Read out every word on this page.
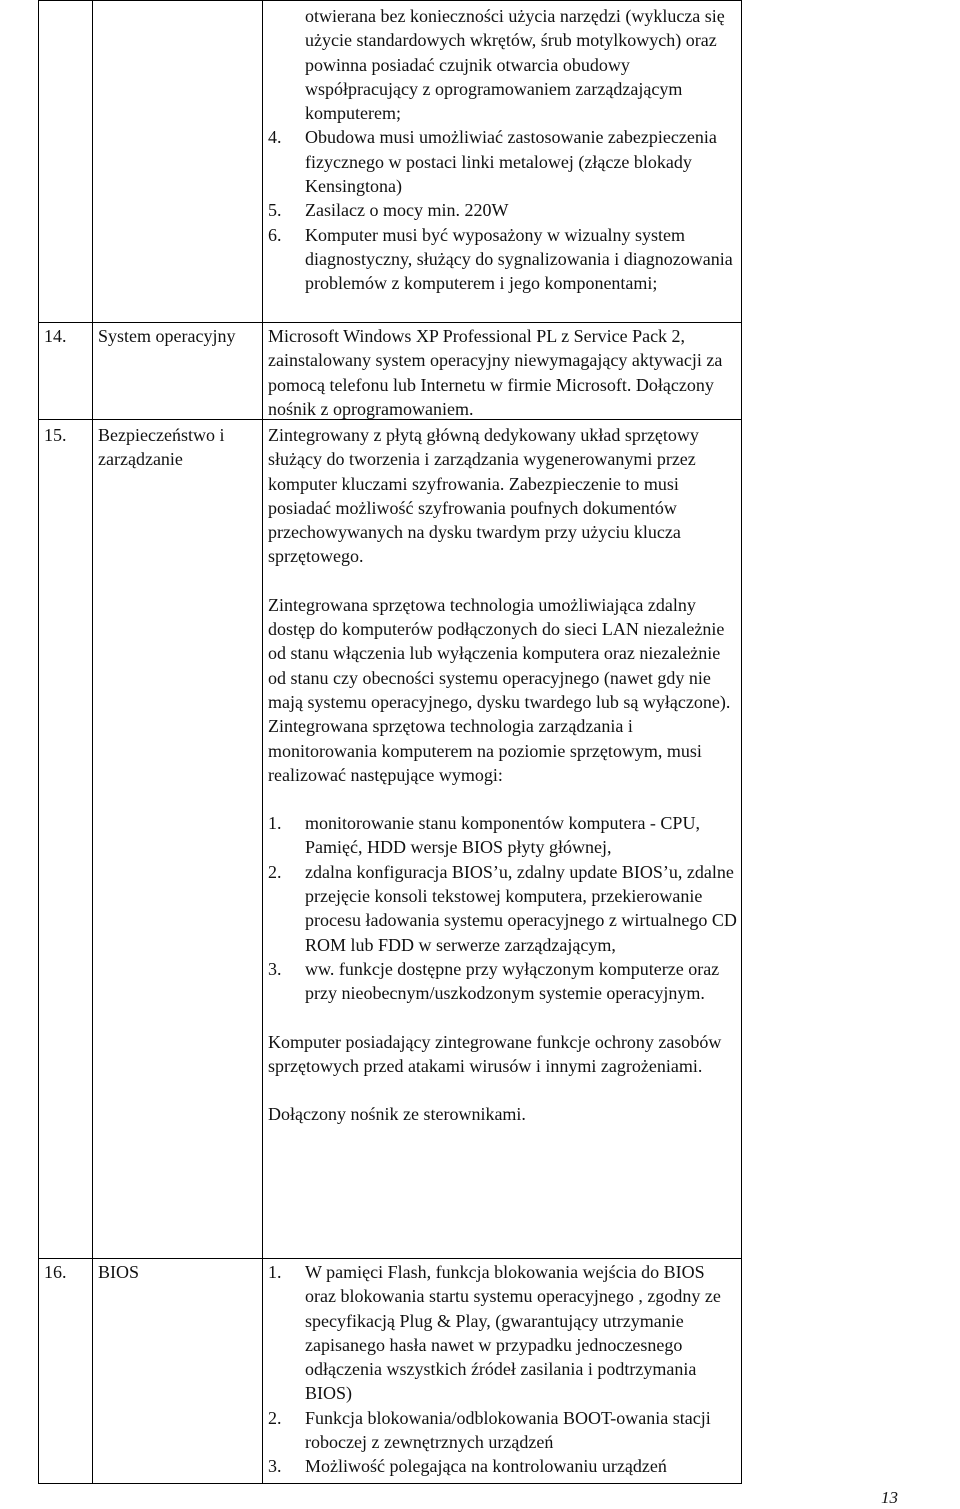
otwierana bez konieczności użycia narzędzi (wyklucza się użycie standardowych wkrętów, śrub motylkowych) oraz powinna posiadać czujnik otwarcia obudowy współpracujący z oprogramowaniem zarządzającym komputerem;
4. Obudowa musi umożliwiać zastosowanie zabezpieczenia fizycznego w postaci linki metalowej (złącze blokady Kensingtona)
5. Zasilacz o mocy min. 220W
6. Komputer musi być wyposażony w wizualny system diagnostyczny, służący do sygnalizowania i diagnozowania problemów z komputerem i jego komponentami;
14. System operacyjny	Microsoft Windows XP Professional PL z Service Pack 2, zainstalowany system operacyjny niewymagający aktywacji za pomocą telefonu lub Internetu w firmie Microsoft. Dołączony nośnik z oprogramowaniem.
15. Bezpieczeństwo i zarządzanie

Zintegrowany z płytą główną dedykowany układ sprzętowy służący do tworzenia i zarządzania wygenerowanymi przez komputer kluczami szyfrowania. Zabezpieczenie to musi posiadać możliwość szyfrowania poufnych dokumentów przechowywanych na dysku twardym przy użyciu klucza sprzętowego.

Zintegrowana sprzętowa technologia umożliwiająca zdalny dostęp do komputerów podłączonych do sieci LAN niezależnie od stanu włączenia lub wyłączenia komputera oraz niezależnie od stanu czy obecności systemu operacyjnego (nawet gdy nie mają systemu operacyjnego, dysku twardego lub są wyłączone). Zintegrowana sprzętowa technologia zarządzania i monitorowania komputerem na poziomie sprzętowym, musi realizować następujące wymogi:

1. monitorowanie stanu komponentów komputera - CPU, Pamięć, HDD wersje BIOS płyty głównej,
2. zdalna konfiguracja BIOS’u, zdalny update BIOS’u, zdalne przejęcie konsoli tekstowej komputera, przekierowanie procesu ładowania systemu operacyjnego z wirtualnego CD ROM lub FDD w serwerze zarządzającym,
3. ww. funkcje dostępne przy wyłączonym komputerze oraz przy nieobecnym/uszkodzonym systemie operacyjnym.

Komputer posiadający zintegrowane funkcje ochrony zasobów sprzętowych przed atakami wirusów i innymi zagrożeniami.

Dołączony nośnik ze sterownikami.

16. BIOS	1. W pamięci Flash, funkcja blokowania wejścia do BIOS oraz blokowania startu systemu operacyjnego , zgodny ze specyfikacją Plug & Play, (gwarantujący utrzymanie zapisanego hasła nawet w przypadku jednoczesnego odłączenia wszystkich źródeł zasilania i podtrzymania BIOS)
2. Funkcja blokowania/odblokowania BOOT-owania stacji roboczej z zewnętrznych urządzeń
3. Możliwość polegająca na kontrolowaniu urządzeń
13
